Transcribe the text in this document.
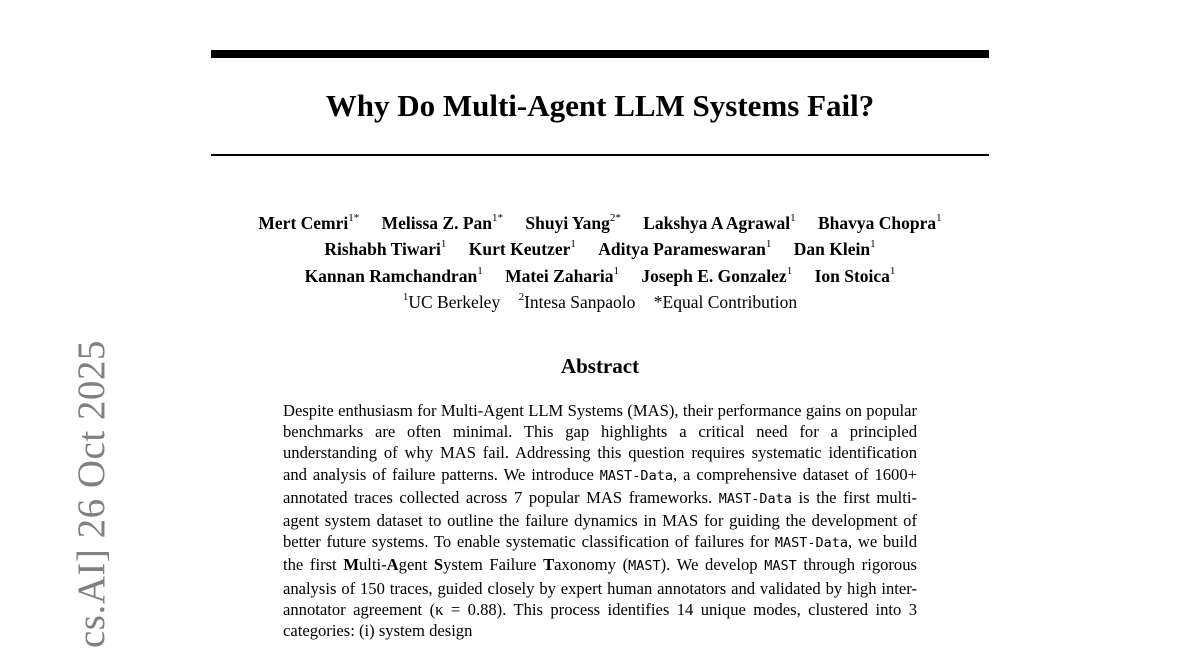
Why Do Multi-Agent LLM Systems Fail?
Mert Cemri$^{1*}$ Melissa Z. Pan$^{1*}$ Shuyi Yang$^{2*}$ Lakshya A Agrawal$^1$ Bhavya Chopra$^1$
Rishabh Tiwari$^1$ Kurt Keutzer$^1$ Aditya Parameswaran$^1$ Dan Klein$^1$
Kannan Ramchandran$^1$ Matei Zaharia$^1$ Joseph E. Gonzalez$^1$ Ion Stoica$^1$
$^1$UC Berkeley $^2$Intesa Sanpaolo *Equal Contribution
Abstract

Despite enthusiasm for Multi-Agent LLM Systems (MAS), their performance gains on popular benchmarks are often minimal. This gap highlights a critical need for a principled understanding of why MAS fail. Addressing this question requires systematic identification and analysis of failure patterns. We introduce MAST-Data, a comprehensive dataset of 1600+ annotated traces collected across 7 popular MAS frameworks. MAST-Data is the first multi-agent system dataset to outline the failure dynamics in MAS for guiding the development of better future systems. To enable systematic classification of failures for MAST-Data, we build the first Multi-Agent System Failure Taxonomy (MAST). We develop MAST through rigorous analysis of 150 traces, guided closely by expert human annotators and validated by high inter-annotator agreement (κ = 0.88). This process identifies 14 unique modes, clustered into 3 categories: (i) system design

cs.AI] 26 Oct 2025
